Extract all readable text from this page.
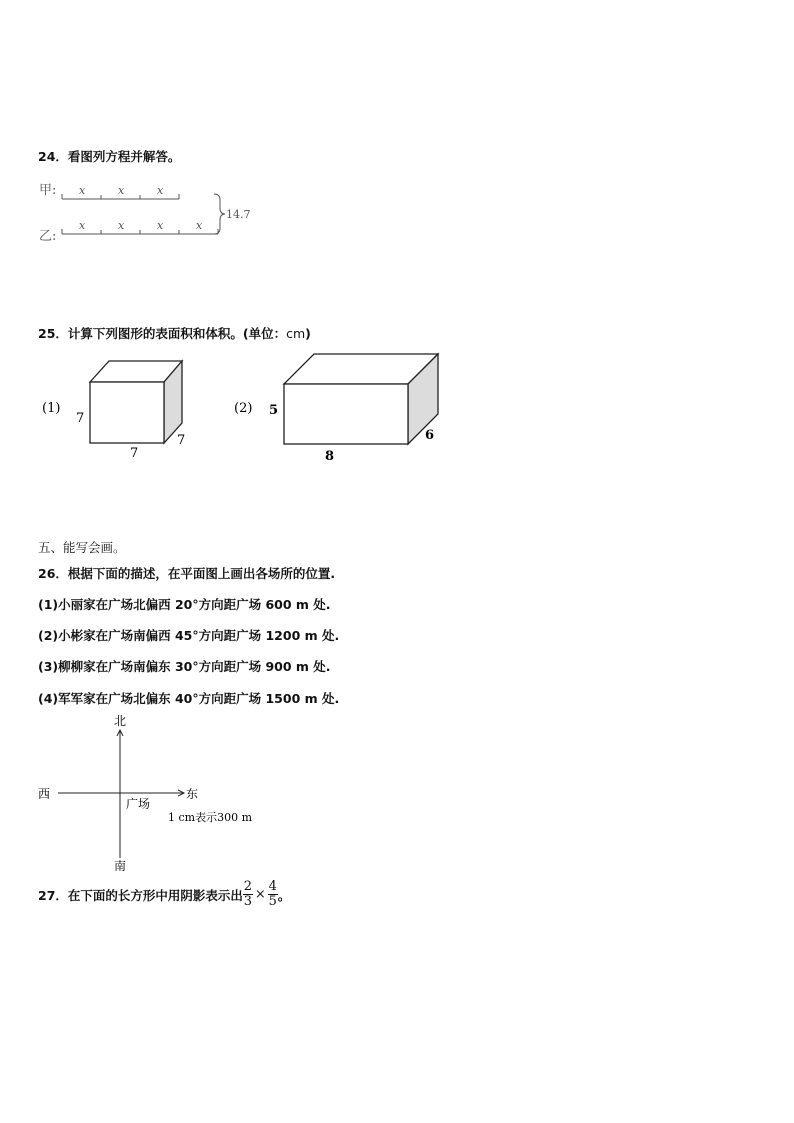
24．看图列方程并解答。
甲:
乙:
x	x	x
x	x	x	x
14.7
25．计算下列图形的表面积和体积。(单位：cm)
(1)
7
7
7
(2) 5
8
6
五、能写会画。
26．根据下面的描述，在平面图上画出各场所的位置.
(1)小丽家在广场北偏西 20°方向距广场 600 m 处.
(2)小彬家在广场南偏西 45°方向距广场 1200 m 处.
(3)柳柳家在广场南偏东 30°方向距广场 900 m 处.
(4)军军家在广场北偏东 40°方向距广场 1500 m 处.
北
南
西	东
广场
1 cm表示300 m
27．在下面的长方形中用阴影表示出 $\frac{2}{3} \times \frac{4}{5}$ 。
